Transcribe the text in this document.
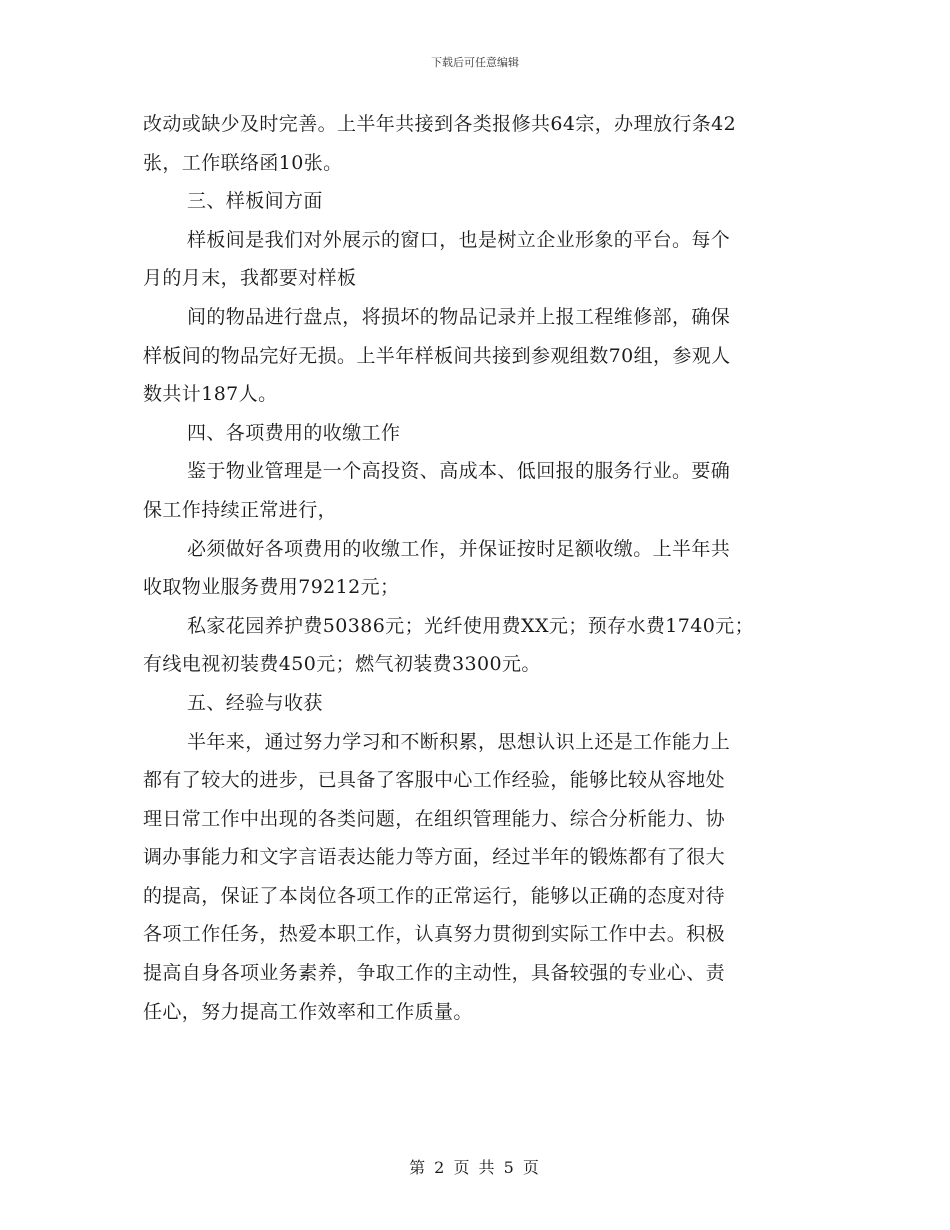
下载后可任意编辑
改动或缺少及时完善。上半年共接到各类报修共64宗，办理放行条42
张，工作联络函10张。
三、样板间方面
样板间是我们对外展示的窗口，也是树立企业形象的平台。每个
月的月末，我都要对样板
间的物品进行盘点，将损坏的物品记录并上报工程维修部，确保
样板间的物品完好无损。上半年样板间共接到参观组数70组，参观人
数共计187人。
四、各项费用的收缴工作
鉴于物业管理是一个高投资、高成本、低回报的服务行业。要确
保工作持续正常进行，
必须做好各项费用的收缴工作，并保证按时足额收缴。上半年共
收取物业服务费用79212元；
私家花园养护费50386元；光纤使用费XX元；预存水费1740元；
有线电视初装费450元；燃气初装费3300元。
五、经验与收获
半年来，通过努力学习和不断积累，思想认识上还是工作能力上
都有了较大的进步，已具备了客服中心工作经验，能够比较从容地处
理日常工作中出现的各类问题，在组织管理能力、综合分析能力、协
调办事能力和文字言语表达能力等方面，经过半年的锻炼都有了很大
的提高，保证了本岗位各项工作的正常运行，能够以正确的态度对待
各项工作任务，热爱本职工作，认真努力贯彻到实际工作中去。积极
提高自身各项业务素养，争取工作的主动性，具备较强的专业心、责
任心，努力提高工作效率和工作质量。
第 2 页 共 5 页
